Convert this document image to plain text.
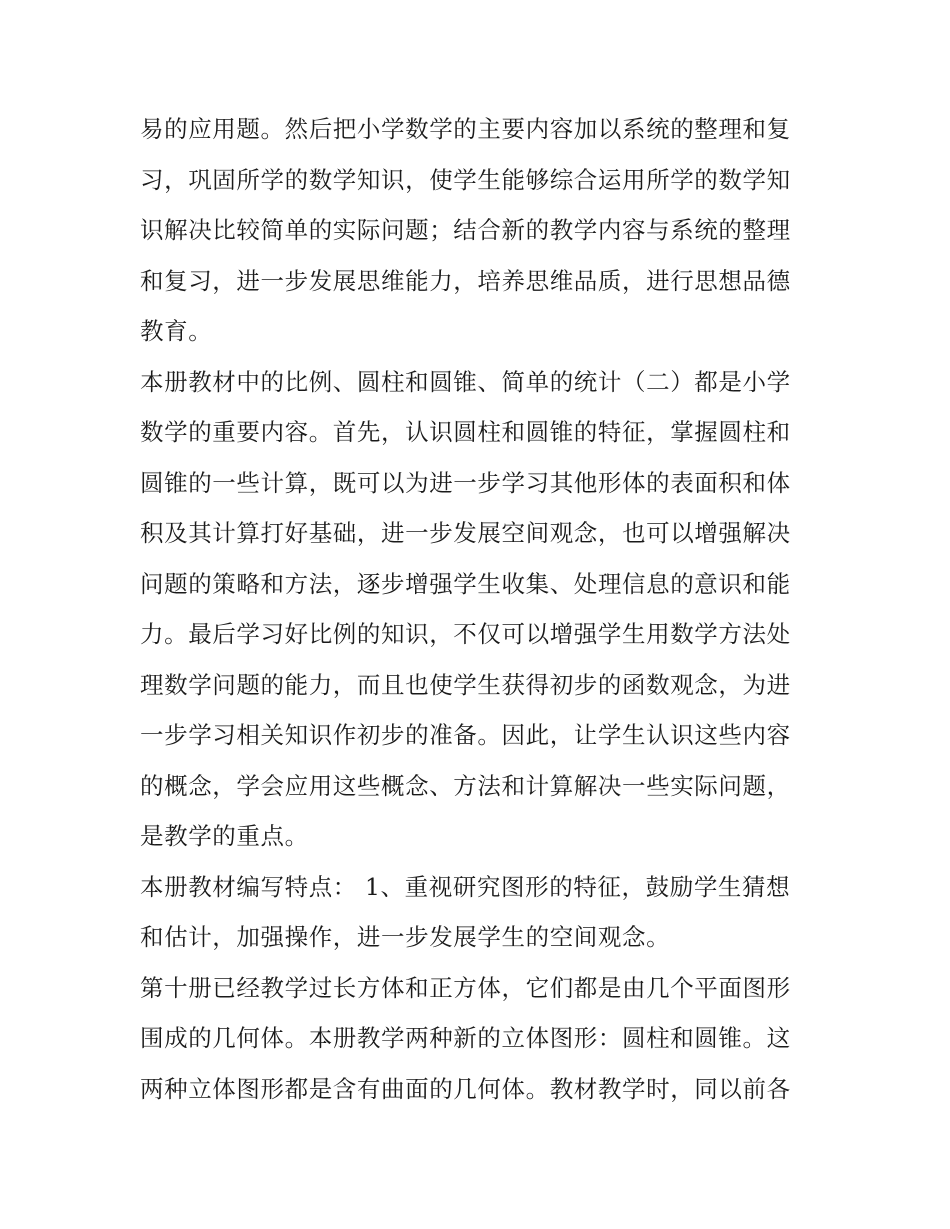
易的应用题。然后把小学数学的主要内容加以系统的整理和复
习，巩固所学的数学知识，使学生能够综合运用所学的数学知
识解决比较简单的实际问题；结合新的教学内容与系统的整理
和复习，进一步发展思维能力，培养思维品质，进行思想品德
教育。
本册教材中的比例、圆柱和圆锥、简单的统计（二）都是小学
数学的重要内容。首先，认识圆柱和圆锥的特征，掌握圆柱和
圆锥的一些计算，既可以为进一步学习其他形体的表面积和体
积及其计算打好基础，进一步发展空间观念，也可以增强解决
问题的策略和方法，逐步增强学生收集、处理信息的意识和能
力。最后学习好比例的知识，不仅可以增强学生用数学方法处
理数学问题的能力，而且也使学生获得初步的函数观念，为进
一步学习相关知识作初步的准备。因此，让学生认识这些内容
的概念，学会应用这些概念、方法和计算解决一些实际问题，
是教学的重点。
本册教材编写特点： 1、重视研究图形的特征，鼓励学生猜想
和估计，加强操作，进一步发展学生的空间观念。
第十册已经教学过长方体和正方体，它们都是由几个平面图形
围成的几何体。本册教学两种新的立体图形：圆柱和圆锥。这
两种立体图形都是含有曲面的几何体。教材教学时，同以前各
